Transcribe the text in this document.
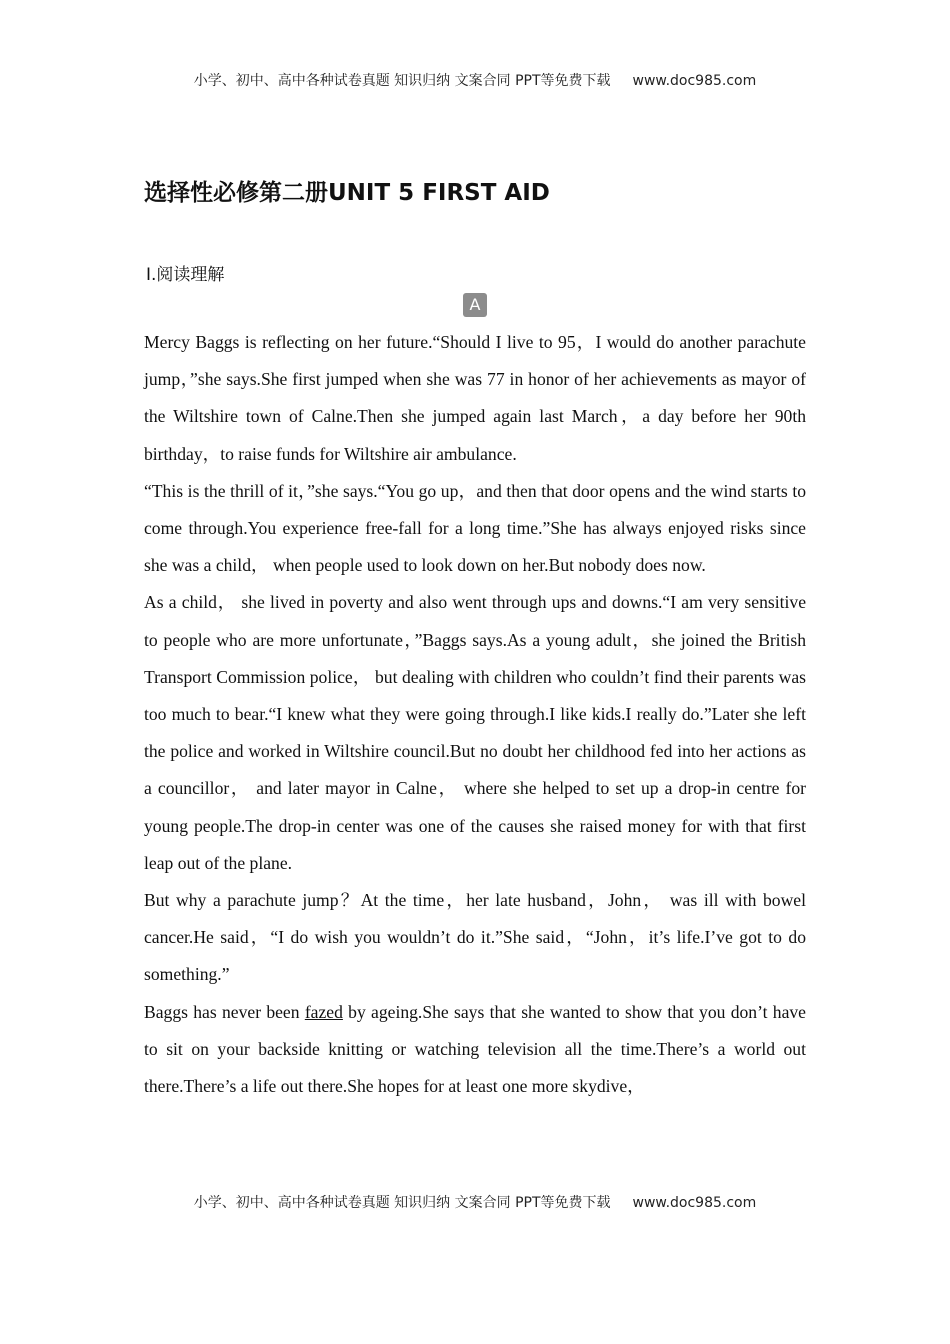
小学、初中、高中各种试卷真题 知识归纳 文案合同 PPT等免费下载 www.doc985.com
选择性必修第二册UNIT 5 FIRST AID
Ⅰ.阅读理解
A

Mercy Baggs is reflecting on her future.“Should I live to 95，I would do another parachute jump，”she says.She first jumped when she was 77 in honor of her achievements as mayor of the Wiltshire town of Calne.Then she jumped again last March，a day before her 90th birthday，to raise funds for Wiltshire air ambulance.

“This is the thrill of it，”she says.“You go up，and then that door opens and the wind starts to come through.You experience free-fall for a long time.”She has always enjoyed risks since she was a child， when people used to look down on her.But nobody does now.

As a child， she lived in poverty and also went through ups and downs.“I am very sensitive to people who are more unfortunate，”Baggs says.As a young adult，she joined the British Transport Commission police， but dealing with children who couldn’t find their parents was too much to bear.“I knew what they were going through.I like kids.I really do.”Later she left the police and worked in Wiltshire council.But no doubt her childhood fed into her actions as a councillor， and later mayor in Calne， where she helped to set up a drop-in centre for young people.The drop-in center was one of the causes she raised money for with that first leap out of the plane.

But why a parachute jump？At the time，her late husband，John， was ill with bowel cancer.He said，“I do wish you wouldn’t do it.”She said，“John，it’s life.I’ve got to do something.”

Baggs has never been fazed by ageing.She says that she wanted to show that you don’t have to sit on your backside knitting or watching television all the time.There’s a world out there.There’s a life out there.She hopes for at least one more skydive，

小学、初中、高中各种试卷真题 知识归纳 文案合同 PPT等免费下载 www.doc985.com
